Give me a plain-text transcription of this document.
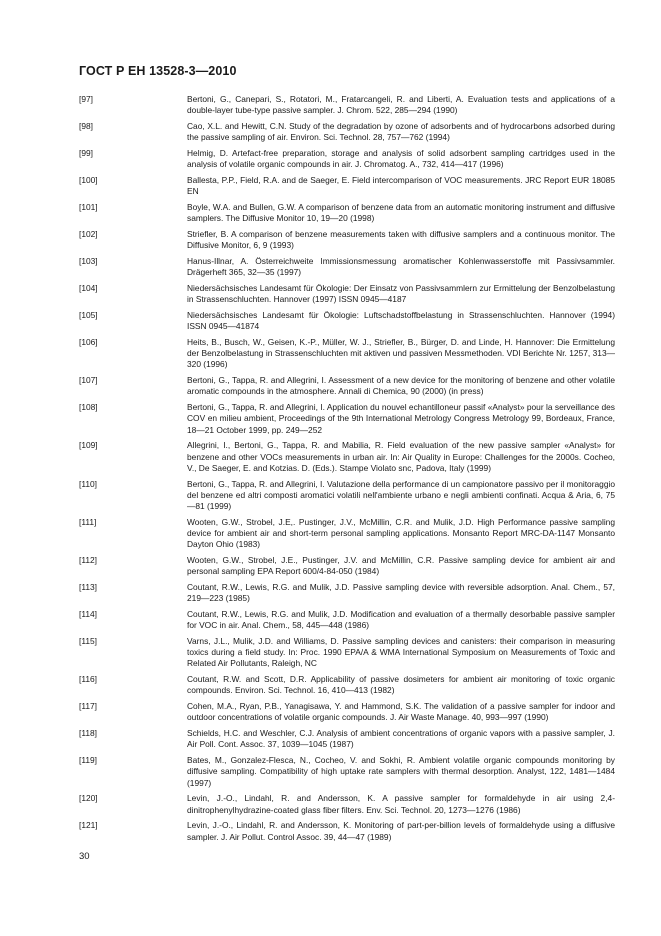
ГОСТ Р ЕН 13528-3—2010
[97]	Bertoni, G., Canepari, S., Rotatori, M., Fratarcangeli, R. and Liberti, A. Evaluation tests and applications of a double-layer tube-type passive sampler. J. Chrom. 522, 285—294 (1990)
[98]	Cao, X.L. and Hewitt, C.N. Study of the degradation by ozone of adsorbents and of hydrocarbons adsorbed during the passive sampling of air. Environ. Sci. Technol. 28, 757—762 (1994)
[99]	Helmig, D. Artefact-free preparation, storage and analysis of solid adsorbent sampling cartridges used in the analysis of volatile organic compounds in air. J. Chromatog. A., 732, 414—417 (1996)
[100]	Ballesta, P.P., Field, R.A. and de Saeger, E. Field intercomparison of VOC measurements. JRC Report EUR 18085 EN
[101]	Boyle, W.A. and Bullen, G.W. A comparison of benzene data from an automatic monitoring instrument and diffusive samplers. The Diffusive Monitor 10, 19—20 (1998)
[102]	Striefler, B. A comparison of benzene measurements taken with diffusive samplers and a continuous monitor. The Diffusive Monitor, 6, 9 (1993)
[103]	Hanus-Illnar, A. Österreichweite Immissionsmessung aromatischer Kohlenwasserstoffe mit Passivsammler. Drägerheft 365, 32—35 (1997)
[104]	Niedersächsisches Landesamt für Ökologie: Der Einsatz von Passivsammlern zur Ermittelung der Benzolbelastung in Strassenschluchten. Hannover (1997) ISSN 0945—4187
[105]	Niedersächsisches Landesamt für Ökologie: Luftschadstoffbelastung in Strassenschluchten. Hannover (1994) ISSN 0945—41874
[106]	Heits, B., Busch, W., Geisen, K.-P., Müller, W. J., Striefler, B., Bürger, D. and Linde, H. Hannover: Die Ermittelung der Benzolbelastung in Strassenschluchten mit aktiven und passiven Messmethoden. VDI Berichte Nr. 1257, 313—320 (1996)
[107]	Bertoni, G., Tappa, R. and Allegrini, I. Assessment of a new device for the monitoring of benzene and other volatile aromatic compounds in the atmosphere. Annali di Chemica, 90 (2000) (in press)
[108]	Bertoni, G., Tappa, R. and Allegrini, I. Application du nouvel echantilloneur passif «Analyst» pour la serveillance des COV en milieu ambient, Proceedings of the 9th International Metrology Congress Metrology 99, Bordeaux, France, 18—21 October 1999, pp. 249—252
[109]	Allegrini, I., Bertoni, G., Tappa, R. and Mabilia, R. Field evaluation of the new passive sampler «Analyst» for benzene and other VOCs measurements in urban air. In: Air Quality in Europe: Challenges for the 2000s. Cocheo, V., De Saeger, E. and Kotzias. D. (Eds.). Stampe Violato snc, Padova, Italy (1999)
[110]	Bertoni, G., Tappa, R. and Allegrini, I. Valutazione della performance di un campionatore passivo per il monitoraggio del benzene ed altri composti aromatici volatili nell'ambiente urbano e negli ambienti confinati. Acqua & Aria, 6, 75—81 (1999)
[111]	Wooten, G.W., Strobel, J.E,. Pustinger, J.V., McMillin, C.R. and Mulik, J.D. High Performance passive sampling device for ambient air and short-term personal sampling applications. Monsanto Report MRC-DA-1147 Monsanto Dayton Ohio (1983)
[112]	Wooten, G.W., Strobel, J.E., Pustinger, J.V. and McMillin, C.R. Passive sampling device for ambient air and personal sampling EPA Report 600/4-84-050 (1984)
[113]	Coutant, R.W., Lewis, R.G. and Mulik, J.D. Passive sampling device with reversible adsorption. Anal. Chem., 57, 219—223 (1985)
[114]	Coutant, R.W., Lewis, R.G. and Mulik, J.D. Modification and evaluation of a thermally desorbable passive sampler for VOC in air. Anal. Chem., 58, 445—448 (1986)
[115]	Varns, J.L., Mulik, J.D. and Williams, D. Passive sampling devices and canisters: their comparison in measuring toxics during a field study. In: Proc. 1990 EPA/A & WMA International Symposium on Measurements of Toxic and Related Air Pollutants, Raleigh, NC
[116]	Coutant, R.W. and Scott, D.R. Applicability of passive dosimeters for ambient air monitoring of toxic organic compounds. Environ. Sci. Technol. 16, 410—413 (1982)
[117]	Cohen, M.A., Ryan, P.B., Yanagisawa, Y. and Hammond, S.K. The validation of a passive sampler for indoor and outdoor concentrations of volatile organic compounds. J. Air Waste Manage. 40, 993—997 (1990)
[118]	Schields, H.C. and Weschler, C.J. Analysis of ambient concentrations of organic vapors with a passive sampler, J. Air Poll. Cont. Assoc. 37, 1039—1045 (1987)
[119]	Bates, M., Gonzalez-Flesca, N., Cocheo, V. and Sokhi, R. Ambient volatile organic compounds monitoring by diffusive sampling. Compatibility of high uptake rate samplers with thermal desorption. Analyst, 122, 1481—1484 (1997)
[120]	Levin, J.-O., Lindahl, R. and Andersson, K. A passive sampler for formaldehyde in air using 2,4-dinitrophenylhydrazine-coated glass fiber filters. Env. Sci. Technol. 20, 1273—1276 (1986)
[121]	Levin, J.-O., Lindahl, R. and Andersson, K. Monitoring of part-per-billion levels of formaldehyde using a diffusive sampler. J. Air Pollut. Control Assoc. 39, 44—47 (1989)
30
